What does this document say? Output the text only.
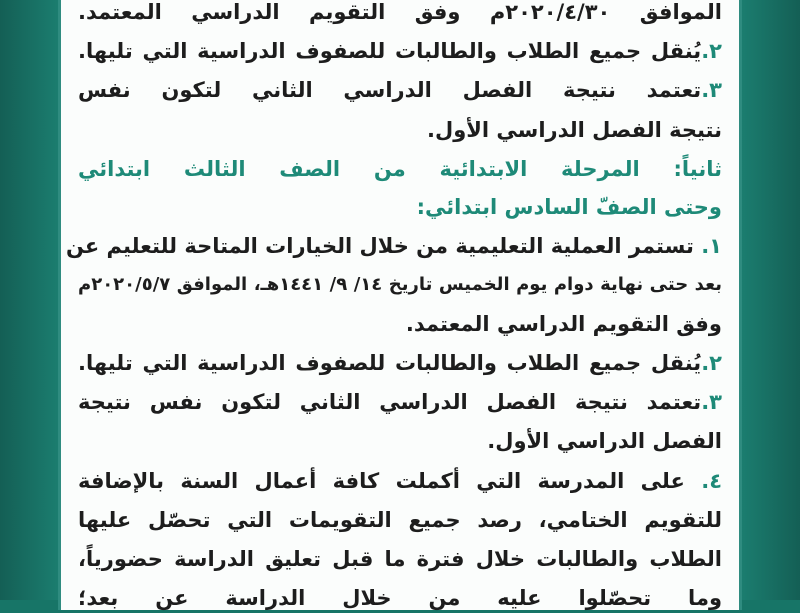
الموافق ٢٠٢٠/٤/٣٠م وفق التقويم الدراسي المعتمد.
٢.يُنقل جميع الطلاب والطالبات للصفوف الدراسية التي تليها.
٣.تعتمد نتيجة الفصل الدراسي الثاني لتكون نفس
نتيجة الفصل الدراسي الأول.
ثانياً: المرحلة الابتدائية من الصف الثالث ابتدائي
وحتى الصفّ السادس ابتدائي:
١. تستمر العملية التعليمية من خلال الخيارات المتاحة للتعليم عن
بعد حتى نهاية دوام يوم الخميس تاريخ ١٤/ ٩/ ١٤٤١هـ، الموافق ٢٠٢٠/٥/٧م
وفق التقويم الدراسي المعتمد.
٢.يُنقل جميع الطلاب والطالبات للصفوف الدراسية التي تليها.
٣.تعتمد نتيجة الفصل الدراسي الثاني لتكون نفس نتيجة
الفصل الدراسي الأول.
٤. على المدرسة التي أكملت كافة أعمال السنة بالإضافة
للتقويم الختامي، رصد جميع التقويمات التي تحصّل عليها
الطلاب والطالبات خلال فترة ما قبل تعليق الدراسة حضورياً،
وما تحصّلوا عليه من خلال الدراسة عن بعد؛
